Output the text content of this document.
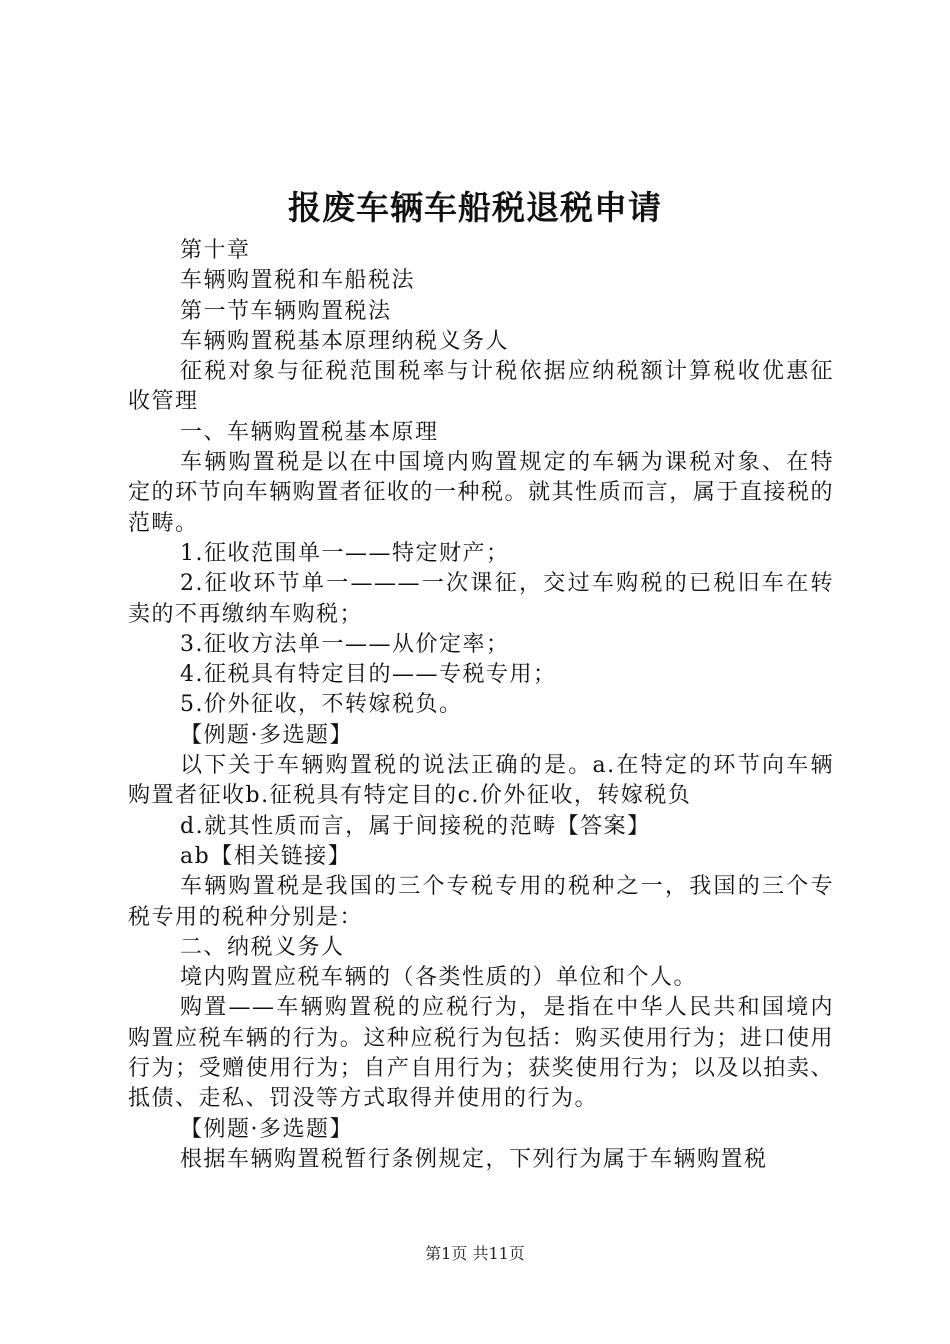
报废车辆车船税退税申请

第十章

车辆购置税和车船税法

第一节车辆购置税法

车辆购置税基本原理纳税义务人

征税对象与征税范围税率与计税依据应纳税额计算税收优惠征收管理

一、车辆购置税基本原理

车辆购置税是以在中国境内购置规定的车辆为课税对象、在特定的环节向车辆购置者征收的一种税。就其性质而言，属于直接税的范畴。

1.征收范围单一——特定财产；

2.征收环节单一———一次课征，交过车购税的已税旧车在转卖的不再缴纳车购税；

3.征收方法单一——从价定率；

4.征税具有特定目的——专税专用；

5.价外征收，不转嫁税负。

【例题·多选题】

以下关于车辆购置税的说法正确的是。a.在特定的环节向车辆购置者征收b.征税具有特定目的c.价外征收，转嫁税负

d.就其性质而言，属于间接税的范畴【答案】

ab【相关链接】

车辆购置税是我国的三个专税专用的税种之一，我国的三个专税专用的税种分别是：

二、纳税义务人

境内购置应税车辆的（各类性质的）单位和个人。

购置——车辆购置税的应税行为，是指在中华人民共和国境内购置应税车辆的行为。这种应税行为包括：购买使用行为；进口使用行为；受赠使用行为；自产自用行为；获奖使用行为；以及以拍卖、抵债、走私、罚没等方式取得并使用的行为。

【例题·多选题】

根据车辆购置税暂行条例规定，下列行为属于车辆购置税

第1页 共11页
